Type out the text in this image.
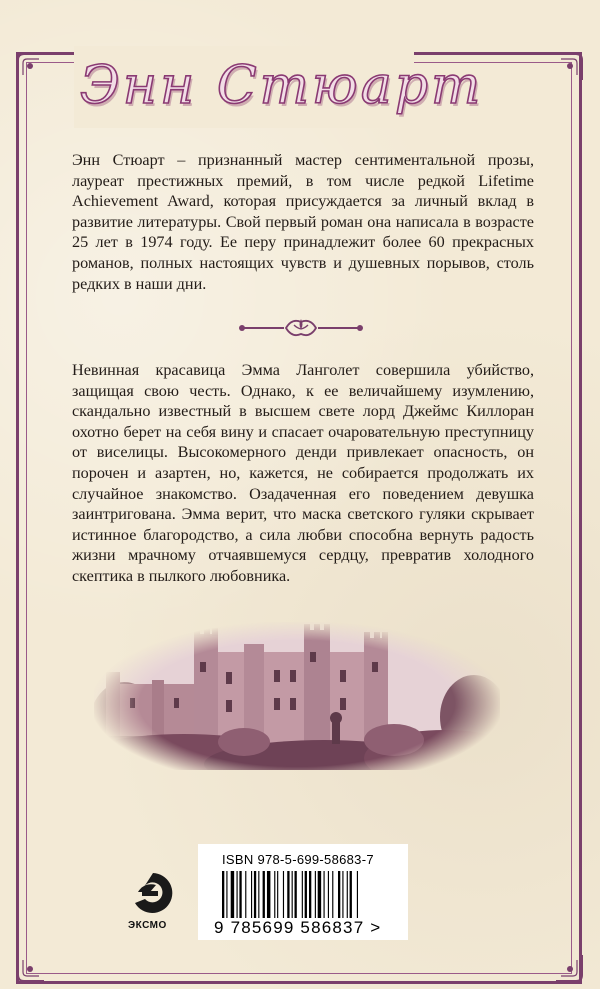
Энн Стюарт

Энн Стюарт – признанный мастер сентиментальной прозы, лауреат престижных премий, в том числе редкой Lifetime Achievement Award, которая присуждается за личный вклад в развитие литературы. Свой первый роман она написала в возрасте 25 лет в 1974 году. Ее перу принадлежит более 60 прекрасных романов, полных настоящих чувств и душевных порывов, столь редких в наши дни.

Невинная красавица Эмма Ланголет совершила убийство, защищая свою честь. Однако, к ее величайшему изумлению, скандально известный в высшем свете лорд Джеймс Киллоран охотно берет на себя вину и спасает очаровательную преступницу от виселицы. Высокомерного денди привлекает опасность, он порочен и азартен, но, кажется, не собирается продолжать их случайное знакомство. Озадаченная его поведением девушка заинтригована. Эмма верит, что маска светского гуляки скрывает истинное благородство, а сила любви способна вернуть радость жизни мрачному отчаявшемуся сердцу, превратив холодного скептика в пылкого любовника.

ISBN 978-5-699-58683-7
9 785699 586837 >
ЭКСМО
